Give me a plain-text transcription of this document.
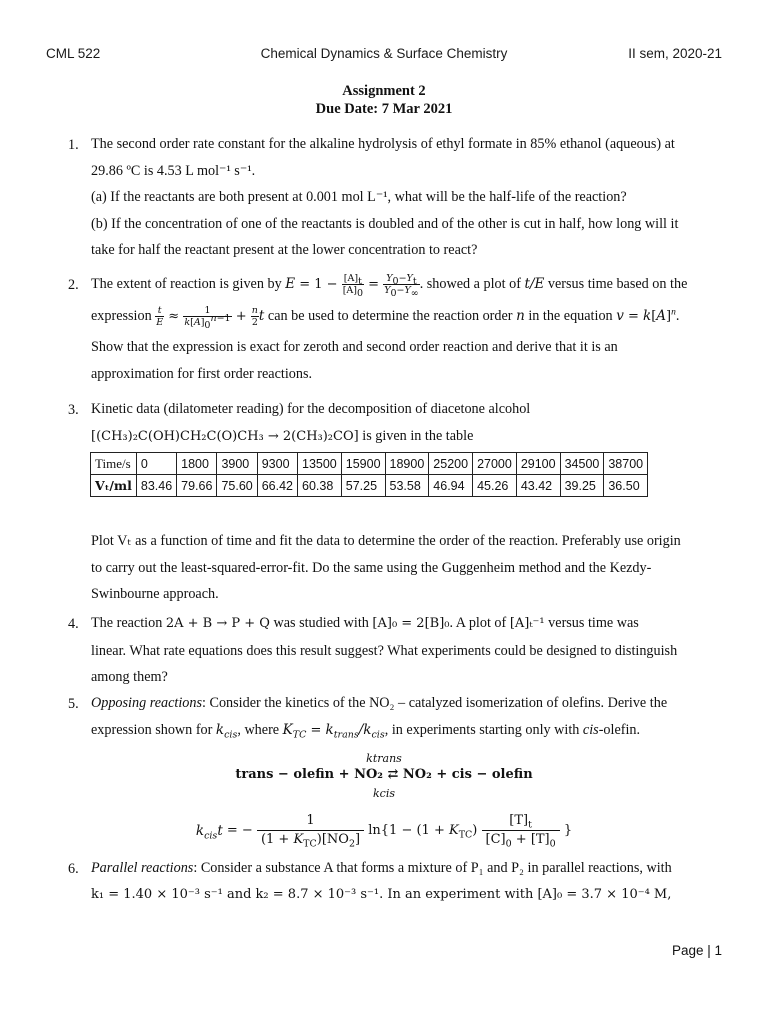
CML 522	Chemical Dynamics & Surface Chemistry	II sem, 2020-21
Assignment 2
Due Date: 7 Mar 2021
1. The second order rate constant for the alkaline hydrolysis of ethyl formate in 85% ethanol (aqueous) at

29.86 ºC is 4.53 L mol⁻¹ s⁻¹.

(a) If the reactants are both present at 0.001 mol L⁻¹, what will be the half-life of the reaction?

(b) If the concentration of one of the reactants is doubled and of the other is cut in half, how long will it

take for half the reactant present at the lower concentration to react?

2. The extent of reaction is given by $E = 1 - \frac{[A]_t}{[A]_0} = \frac{Y_0-Y_t}{Y_0-Y_\infty}$ . showed a plot of t/E versus time based on the

expression $\frac{t}{E} \approx \frac{1}{k[A]_0^{n-1}} + \frac{n}{2}$ t can be used to determine the reaction order n in the equation $v = k[A]^n$.

Show that the expression is exact for zeroth and second order reaction and derive that it is an

approximation for first order reactions.

3. Kinetic data (dilatometer reading) for the decomposition of diacetone alcohol

[(CH₃)₂C(OH)CH₂C(O)CH₃ → 2(CH₃)₂CO] is given in the table

Time/s	0	1800	3900	9300	13500	15900	18900	25200	27000	29100	34500	38700
Vₜ/ml	83.46	79.66	75.60	66.42	60.38	57.25	53.58	46.94	45.26	43.42	39.25	36.50

Plot Vₜ as a function of time and fit the data to determine the order of the reaction. Preferably use origin

to carry out the least-squared-error-fit. Do the same using the Guggenheim method and the Kezdy-

Swinbourne approach.

4. The reaction 2A + B → P + Q was studied with [A]₀ = 2[B]₀. A plot of [A]ₜ⁻¹ versus time was

linear. What rate equations does this result suggest? What experiments could be designed to distinguish

among them?

5. Opposing reactions: Consider the kinetics of the NO₂ – catalyzed isomerization of olefins. Derive the

expression shown for $k_{cis}$, where $K_{TC} = k_{trans}/k_{cis}$, in experiments starting only with cis-olefin.

ktrans
trans − olefin + NO₂ ⇄ NO₂ + cis − olefin
kcis
$k_{cis}t$ = −
1
$(1 + K_{TC})[NO_2]$
$\ln\{1 - (1 + K_{TC}) \frac{[T]_t}{[C]_0 + [T]_0}$ }
6. Parallel reactions: Consider a substance A that forms a mixture of P₁ and P₂ in parallel reactions, with

k₁ = 1.40 × 10⁻³ s⁻¹ and k₂ = 8.7 × 10⁻³ s⁻¹. In an experiment with [A]₀ = 3.7 × 10⁻⁴ M,

Page | 1
